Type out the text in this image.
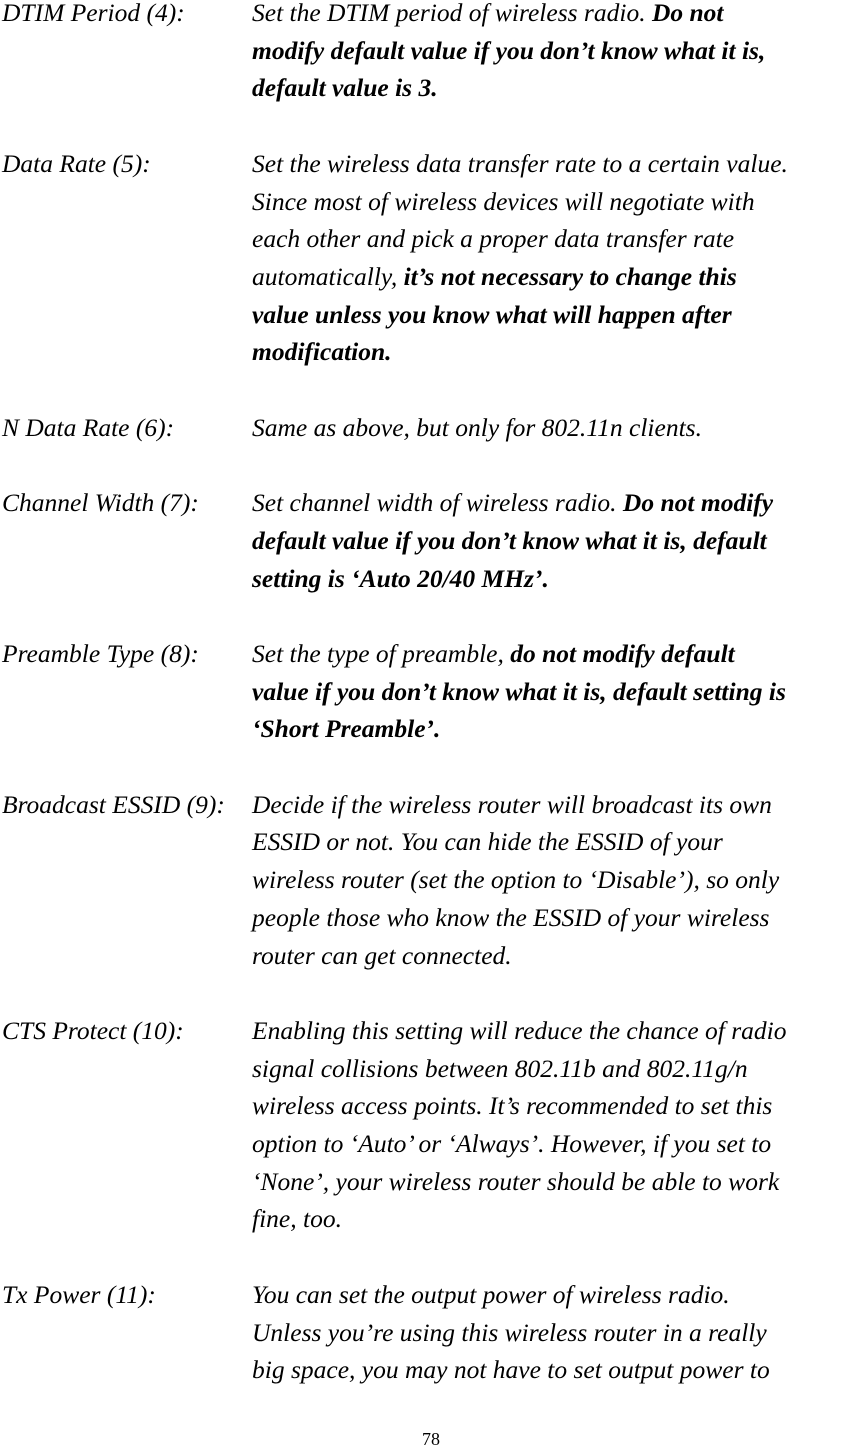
DTIM Period (4):	Set the DTIM period of wireless radio. Do not
modify default value if you don’t know what it is,
default value is 3.
Data Rate (5):	Set the wireless data transfer rate to a certain value.
Since most of wireless devices will negotiate with
each other and pick a proper data transfer rate
automatically, it’s not necessary to change this
value unless you know what will happen after
modification.
N Data Rate (6):	Same as above, but only for 802.11n clients.
Channel Width (7): Set channel width of wireless radio. Do not modify
default value if you don’t know what it is, default
setting is ‘Auto 20/40 MHz’.
Preamble Type (8): Set the type of preamble, do not modify default
value if you don’t know what it is, default setting is
‘Short Preamble’.
Broadcast ESSID (9): Decide if the wireless router will broadcast its own
ESSID or not. You can hide the ESSID of your
wireless router (set the option to ‘Disable’), so only
people those who know the ESSID of your wireless
router can get connected.
CTS Protect (10):	Enabling this setting will reduce the chance of radio
signal collisions between 802.11b and 802.11g/n
wireless access points. It’s recommended to set this
option to ‘Auto’ or ‘Always’. However, if you set to
‘None’, your wireless router should be able to work
fine, too.
Tx Power (11):	You can set the output power of wireless radio.
Unless you’re using this wireless router in a really
big space, you may not have to set output power to
78
